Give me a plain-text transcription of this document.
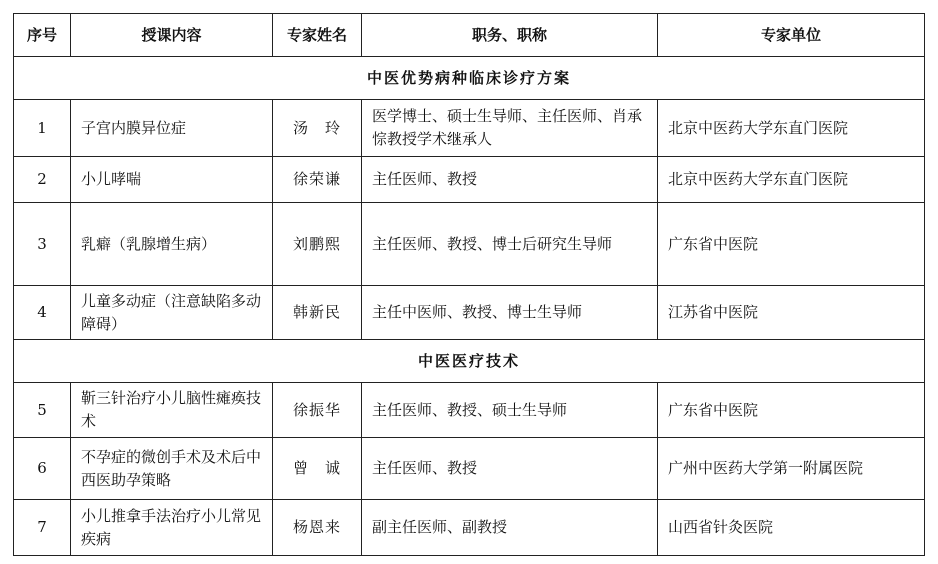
序号	授课内容	专家姓名	职务、职称	专家单位
中医优势病种临床诊疗方案				
1	子宫内膜异位症	汤　玲	医学博士、硕士生导师、主任医师、肖承悰教授学术继承人	北京中医药大学东直门医院
2	小儿哮喘	徐荣谦	主任医师、教授	北京中医药大学东直门医院
3	乳癖（乳腺增生病）	刘鹏熙	主任医师、教授、博士后研究生导师	广东省中医院
4	儿童多动症（注意缺陷多动障碍）	韩新民	主任中医师、教授、博士生导师	江苏省中医院
中医医疗技术				
5	靳三针治疗小儿脑性瘫痪技术	徐振华	主任医师、教授、硕士生导师	广东省中医院
6	不孕症的微创手术及术后中西医助孕策略	曾　诚	主任医师、教授	广州中医药大学第一附属医院
7	小儿推拿手法治疗小儿常见疾病	杨恩来	副主任医师、副教授	山西省针灸医院
